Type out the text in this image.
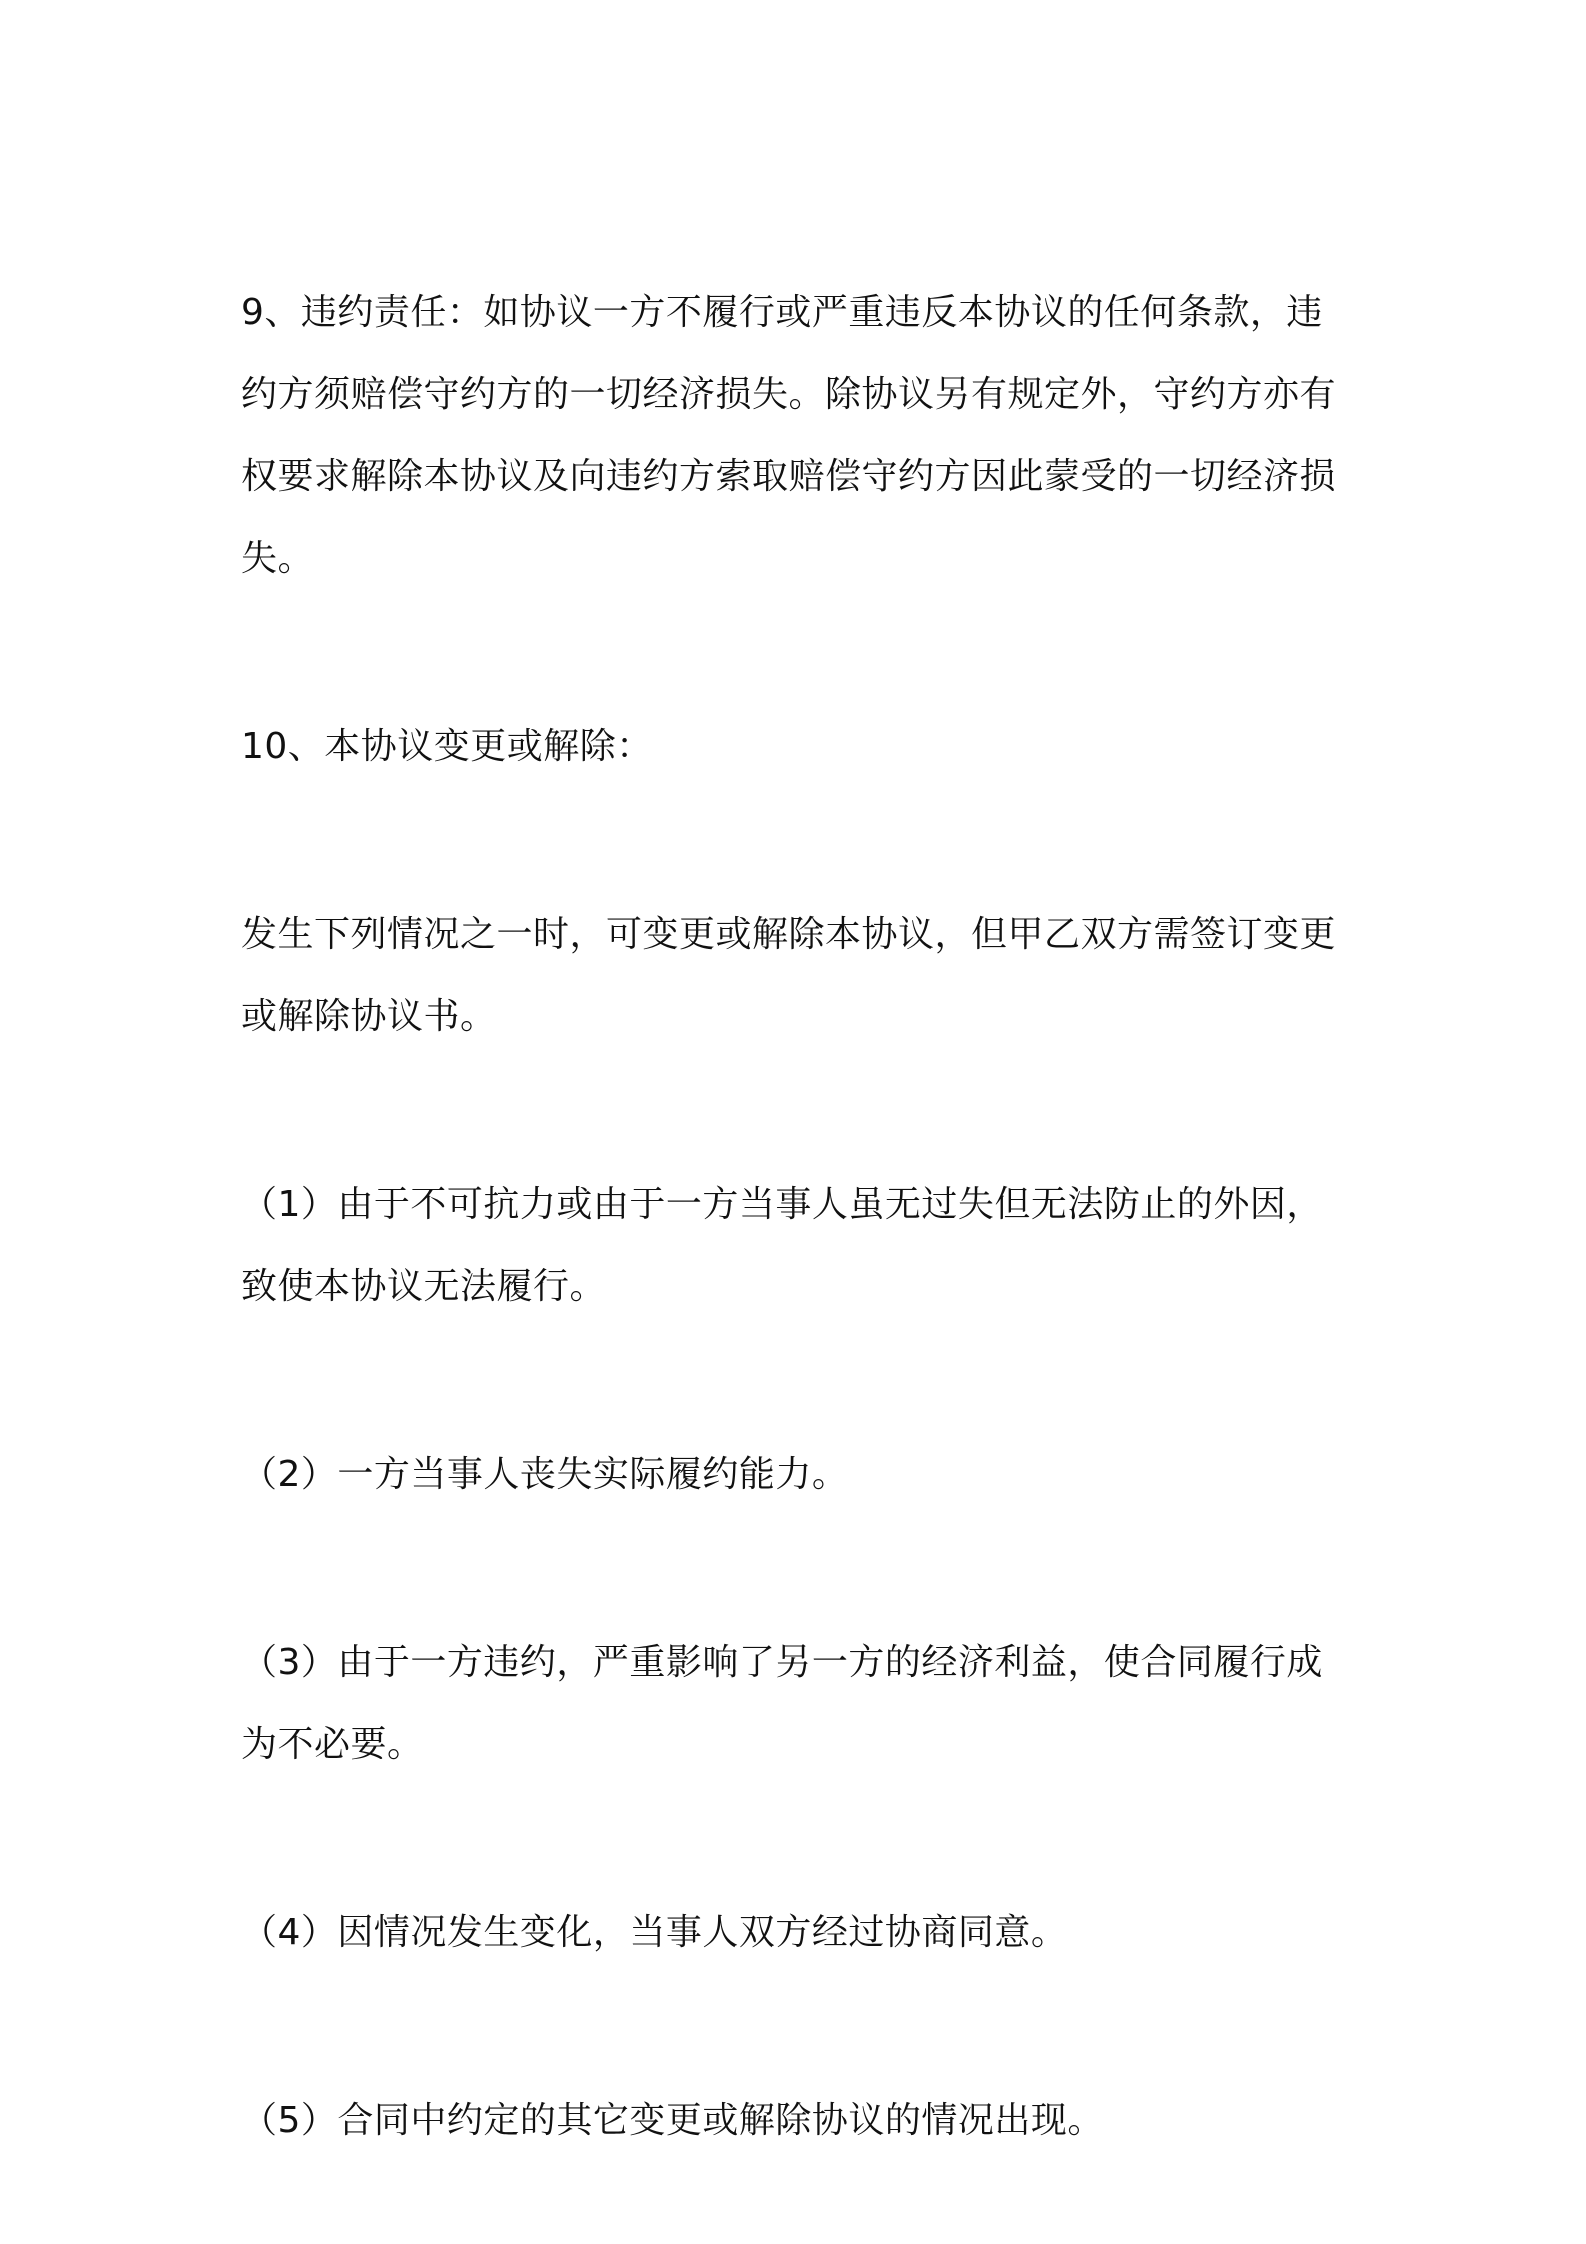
9、违约责任：如协议一方不履行或严重违反本协议的任何条款，违约方须赔偿守约方的一切经济损失。除协议另有规定外，守约方亦有权要求解除本协议及向违约方索取赔偿守约方因此蒙受的一切经济损失。

10、本协议变更或解除：

发生下列情况之一时，可变更或解除本协议，但甲乙双方需签订变更或解除协议书。

（1）由于不可抗力或由于一方当事人虽无过失但无法防止的外因，致使本协议无法履行。

（2）一方当事人丧失实际履约能力。

（3）由于一方违约，严重影响了另一方的经济利益，使合同履行成为不必要。

（4）因情况发生变化，当事人双方经过协商同意。

（5）合同中约定的其它变更或解除协议的情况出现。
